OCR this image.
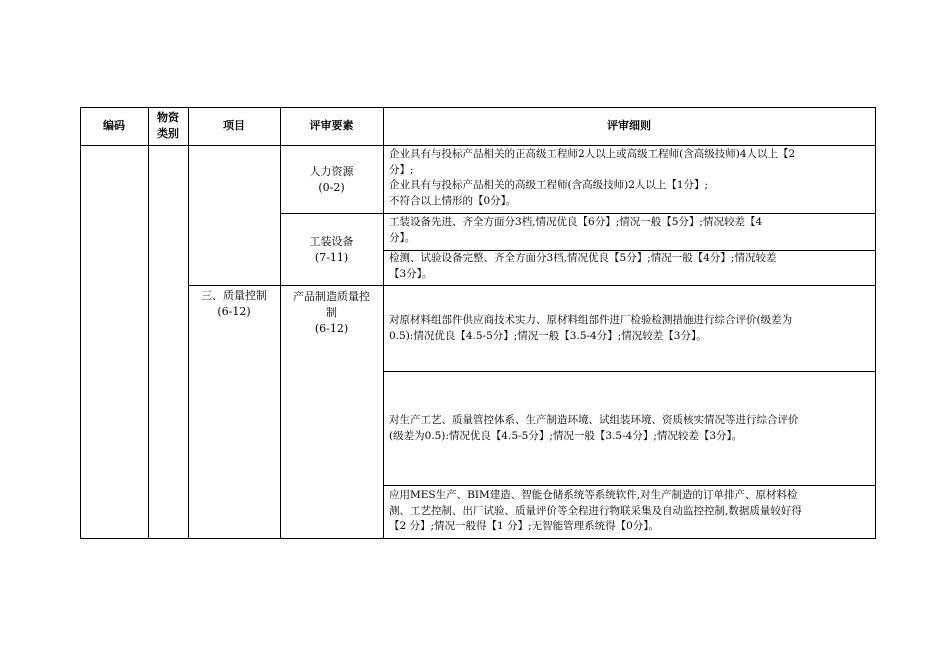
编码
物资
类别
项目	评审要素	评审细则
三、质量控制
(6-12)
人力资源
(0-2)
工装设备
(7-11)
产品制造质量控
制
(6-12)
企业具有与投标产品相关的正高级工程师2人以上或高级工程师(含高级技师)4人以上【2
分】;
企业具有与投标产品相关的高级工程师(含高级技师)2人以上【1分】;
不符合以上情形的【0分】。
工装设备先进、齐全方面分3档,情况优良【6分】;情况一般【5分】;情况较差【4
分】。
检测、试验设备完整、齐全方面分3档,情况优良【5分】;情况一般【4分】;情况较差
【3分】。
对原材料组部件供应商技术实力、原材料组部件进厂检验检测措施进行综合评价(级差为
0.5):情况优良【4.5-5分】;情况一般【3.5-4分】;情况较差【3分】。
对生产工艺、质量管控体系、生产制造环境、试组装环境、资质核实情况等进行综合评价
(级差为0.5):情况优良【4.5-5分】;情况一般【3.5-4分】;情况较差【3分】。
应用MES生产、BIM建造、智能仓储系统等系统软件,对生产制造的订单排产、原材料检
测、工艺控制、出厂试验、质量评价等全程进行物联采集及自动监控控制,数据质量较好得
【2 分】;情况一般得【1 分】;无智能管理系统得【0分】。
